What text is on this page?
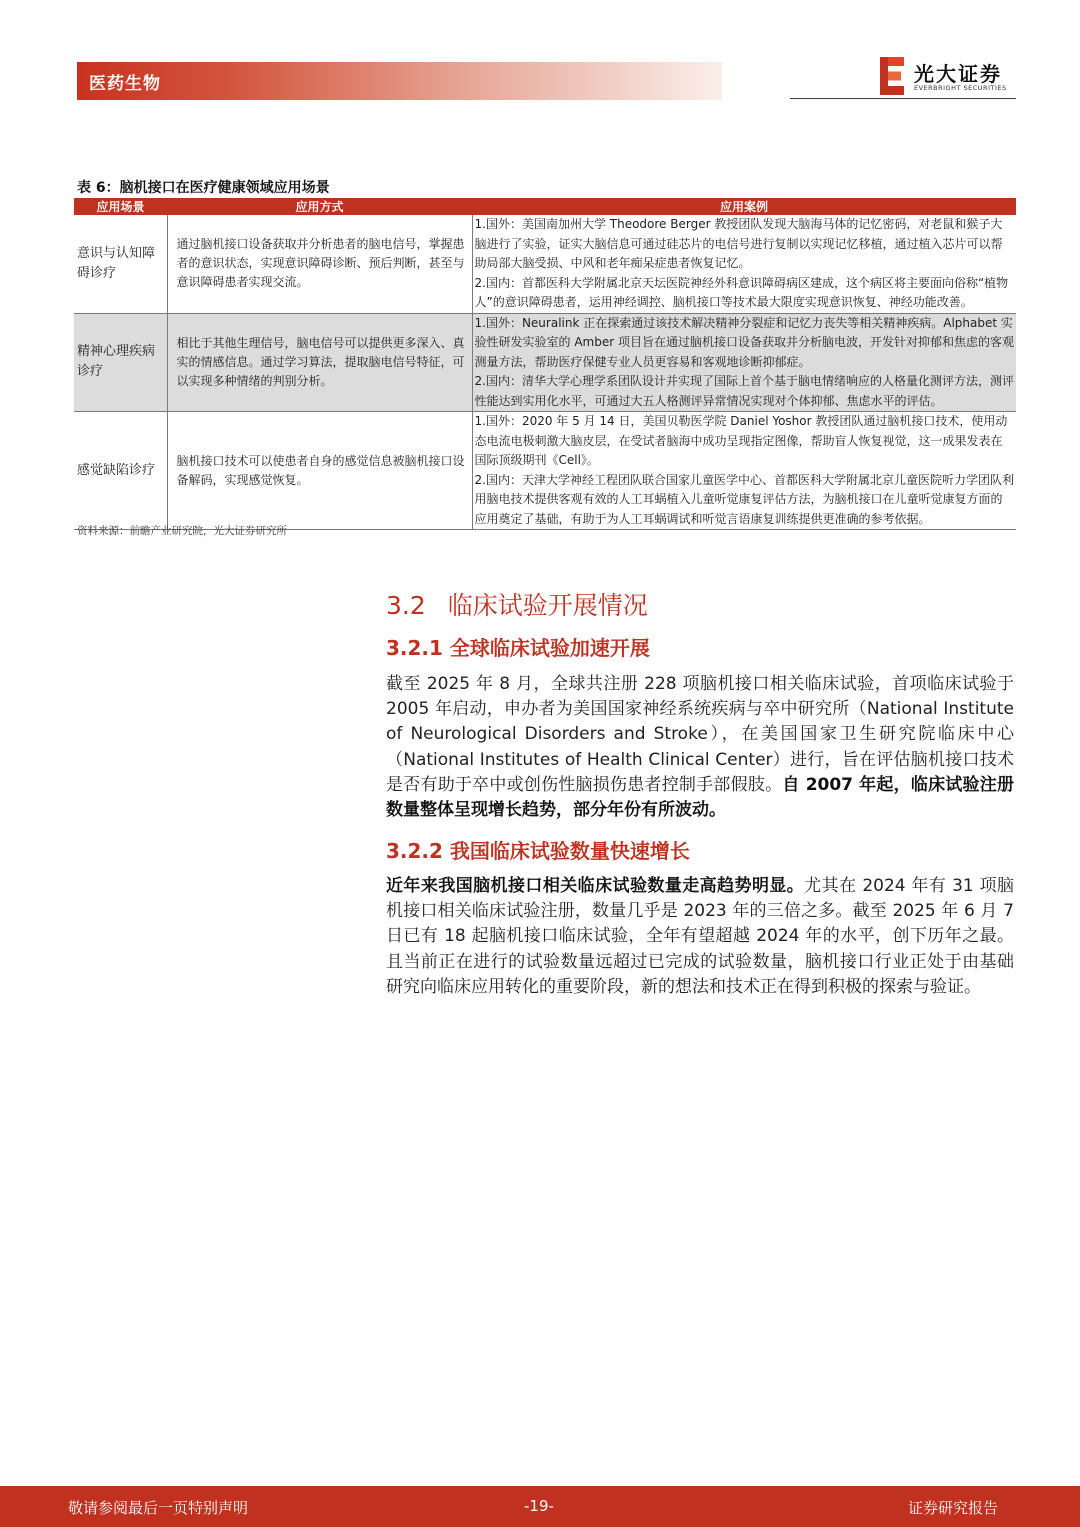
医药生物	光大证券
EVERBRIGHT SECURITIES
表 6：脑机接口在医疗健康领域应用场景
应用场景	应用方式	应用案例
意识与认知障碍诊疗	通过脑机接口设备获取并分析患者的脑电信号，掌握患者的意识状态，实现意识障碍诊断、预后判断，甚至与意识障碍患者实现交流。	1.国外：美国南加州大学 Theodore Berger 教授团队发现大脑海马体的记忆密码，对老鼠和猴子大脑进行了实验，证实大脑信息可通过硅芯片的电信号进行复制以实现记忆移植，通过植入芯片可以帮助局部大脑受损、中风和老年痴呆症患者恢复记忆。
2.国内：首都医科大学附属北京天坛医院神经外科意识障碍病区建成，这个病区将主要面向俗称“植物人”的意识障碍患者，运用神经调控、脑机接口等技术最大限度实现意识恢复、神经功能改善。

精神心理疾病诊疗	相比于其他生理信号，脑电信号可以提供更多深入、真实的情感信息。通过学习算法，提取脑电信号特征，可以实现多种情绪的判别分析。	1.国外：Neuralink 正在探索通过该技术解决精神分裂症和记忆力丧失等相关精神疾病。Alphabet 实验性研发实验室的 Amber 项目旨在通过脑机接口设备获取并分析脑电波，开发针对抑郁和焦虑的客观测量方法，帮助医疗保健专业人员更容易和客观地诊断抑郁症。
2.国内：清华大学心理学系团队设计并实现了国际上首个基于脑电情绪响应的人格量化测评方法，测评性能达到实用化水平，可通过大五人格测评异常情况实现对个体抑郁、焦虑水平的评估。

感觉缺陷诊疗	脑机接口技术可以使患者自身的感觉信息被脑机接口设备解码，实现感觉恢复。	1.国外：2020 年 5 月 14 日，美国贝勒医学院 Daniel Yoshor 教授团队通过脑机接口技术，使用动态电流电极刺激大脑皮层，在受试者脑海中成功呈现指定图像，帮助盲人恢复视觉，这一成果发表在国际顶级期刊《Cell》。
2.国内：天津大学神经工程团队联合国家儿童医学中心、首都医科大学附属北京儿童医院听力学团队利用脑电技术提供客观有效的人工耳蜗植入儿童听觉康复评估方法，为脑机接口在儿童听觉康复方面的应用奠定了基础，有助于为人工耳蜗调试和听觉言语康复训练提供更准确的参考依据。
资料来源：前瞻产业研究院，光大证券研究所
3.2 临床试验开展情况
3.2.1 全球临床试验加速开展
截至 2025 年 8 月，全球共注册 228 项脑机接口相关临床试验，首项临床试验于 2005 年启动，申办者为美国国家神经系统疾病与卒中研究所（National Institute of Neurological Disorders and Stroke），在美国国家卫生研究院临床中心（National Institutes of Health Clinical Center）进行，旨在评估脑机接口技术是否有助于卒中或创伤性脑损伤患者控制手部假肢。自 2007 年起，临床试验注册数量整体呈现增长趋势，部分年份有所波动。
3.2.2 我国临床试验数量快速增长
近年来我国脑机接口相关临床试验数量走高趋势明显。尤其在 2024 年有 31 项脑机接口相关临床试验注册，数量几乎是 2023 年的三倍之多。截至 2025 年 6 月 7 日已有 18 起脑机接口临床试验，全年有望超越 2024 年的水平，创下历年之最。且当前正在进行的试验数量远超过已完成的试验数量，脑机接口行业正处于由基础研究向临床应用转化的重要阶段，新的想法和技术正在得到积极的探索与验证。
敬请参阅最后一页特别声明	-19-	证券研究报告
